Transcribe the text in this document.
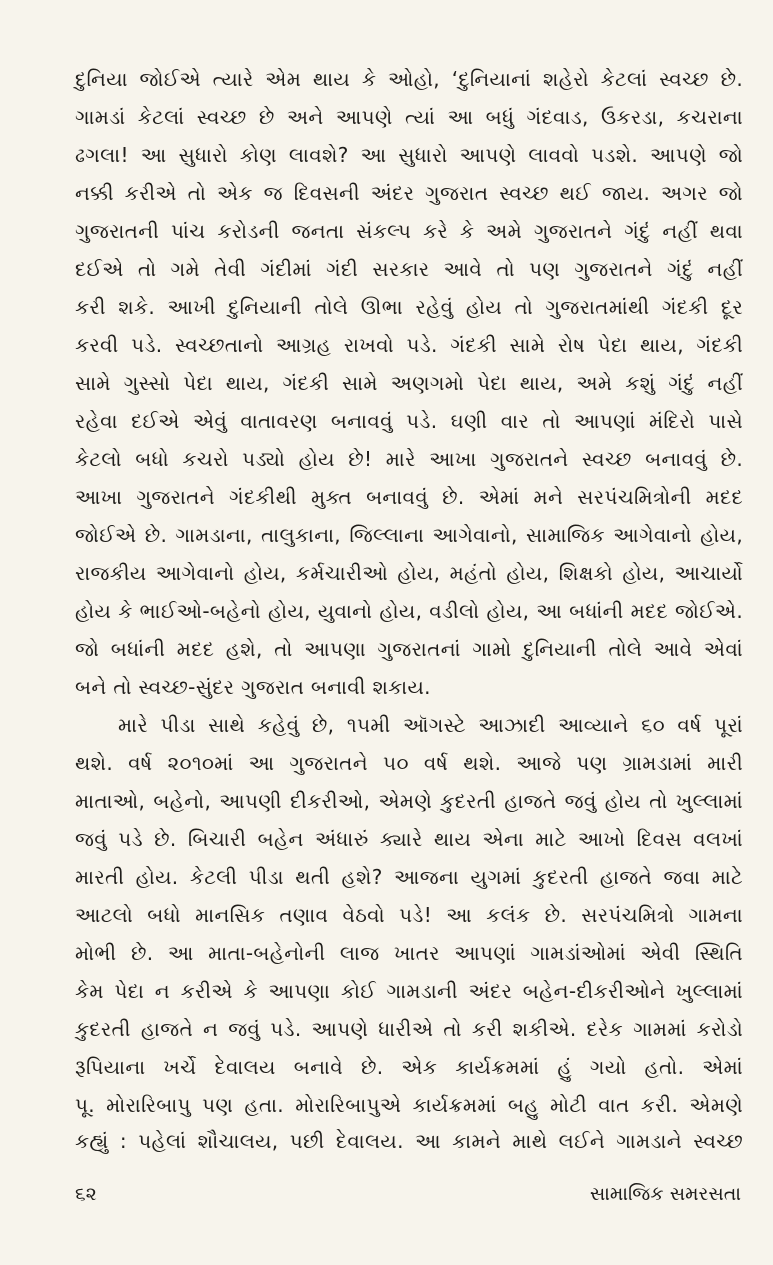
દુનિયા જોઈએ ત્યારે એમ થાય કે ઓહો, ‘દુનિયાનાં શહેરો કેટલાં સ્વચ્છ છે.
ગામડાં કેટલાં સ્વચ્છ છે અને આપણે ત્યાં આ બધું ગંદવાડ, ઉકરડા, કચરાના
ઢગલા! આ સુધારો કોણ લાવશે? આ સુધારો આપણે લાવવો પડશે. આપણે જો
નક્કી કરીએ તો એક જ દિવસની અંદર ગુજરાત સ્વચ્છ થઈ જાય. અગર જો
ગુજરાતની પાંચ કરોડની જનતા સંકલ્પ કરે કે અમે ગુજરાતને ગંદું નહીં થવા
દઈએ તો ગમે તેવી ગંદીમાં ગંદી સરકાર આવે તો પણ ગુજરાતને ગંદું નહીં
કરી શકે. આખી દુનિયાની તોલે ઊભા રહેવું હોય તો ગુજરાતમાંથી ગંદકી દૂર
કરવી પડે. સ્વચ્છતાનો આગ્રહ રાખવો પડે. ગંદકી સામે રોષ પેદા થાય, ગંદકી
સામે ગુસ્સો પેદા થાય, ગંદકી સામે અણગમો પેદા થાય, અમે કશું ગંદું નહીં
રહેવા દઈએ એવું વાતાવરણ બનાવવું પડે. ઘણી વાર તો આપણાં મંદિરો પાસે
કેટલો બધો કચરો પડ્યો હોય છે! મારે આખા ગુજરાતને સ્વચ્છ બનાવવું છે.
આખા ગુજરાતને ગંદકીથી મુક્ત બનાવવું છે. એમાં મને સરપંચમિત્રોની મદદ
જોઈએ છે. ગામડાના, તાલુકાના, જિલ્લાના આગેવાનો, સામાજિક આગેવાનો હોય,
રાજકીય આગેવાનો હોય, કર્મચારીઓ હોય, મહંતો હોય, શિક્ષકો હોય, આચાર્યો
હોય કે ભાઈઓ-બહેનો હોય, યુવાનો હોય, વડીલો હોય, આ બધાંની મદદ જોઈએ.
જો બધાંની મદદ હશે, તો આપણા ગુજરાતનાં ગામો દુનિયાની તોલે આવે એવાં
બને તો સ્વચ્છ-સુંદર ગુજરાત બનાવી શકાય.
મારે પીડા સાથે કહેવું છે, ૧૫મી ઑગસ્ટે આઝાદી આવ્યાને ૬૦ વર્ષ પૂરાં
થશે. વર્ષ ૨૦૧૦માં આ ગુજરાતને ૫૦ વર્ષ થશે. આજે પણ ગ્રામડામાં મારી
માતાઓ, બહેનો, આપણી દીકરીઓ, એમણે કુદરતી હાજતે જવું હોય તો ખુલ્લામાં
જવું પડે છે. બિચારી બહેન અંધારું ક્યારે થાય એના માટે આખો દિવસ વલખાં
મારતી હોય. કેટલી પીડા થતી હશે? આજના યુગમાં કુદરતી હાજતે જવા માટે
આટલો બધો માનસિક તણાવ વેઠવો પડે! આ કલંક છે. સરપંચમિત્રો ગામના
મોભી છે. આ માતા-બહેનોની લાજ ખાતર આપણાં ગામડાંઓમાં એવી સ્થિતિ
કેમ પેદા ન કરીએ કે આપણા કોઈ ગામડાની અંદર બહેન-દીકરીઓને ખુલ્લામાં
કુદરતી હાજતે ન જવું પડે. આપણે ધારીએ તો કરી શકીએ. દરેક ગામમાં કરોડો
રૂપિયાના ખર્ચે દેવાલય બનાવે છે. એક કાર્યક્રમમાં હું ગયો હતો. એમાં
પૂ. મોરારિબાપુ પણ હતા. મોરારિબાપુએ કાર્યક્રમમાં બહુ મોટી વાત કરી. એમણે
કહ્યું : પહેલાં શૌચાલય, પછી દેવાલય. આ કામને માથે લઈને ગામડાને સ્વચ્છ
૬૨	સામાજિક સમરસતા
